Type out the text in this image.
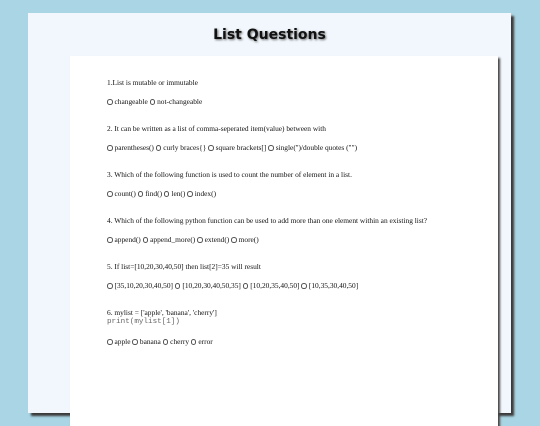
List Questions
1.List is mutable or immutable
changeable not-changeable
2. It can be written as a list of comma-seperated item(value) between with
parentheses() curly braces{} square brackets[] single('')/double quotes ("")
3. Which of the following function is used to count the number of element in a list.
count() find() len() index()
4. Which of the following python function can be used to add more than one element within an existing list?
append() append_more() extend() more()
5. If list=[10,20,30,40,50] then list[2]=35 will result
[35,10,20,30,40,50] [10,20,30,40,50,35] [10,20,35,40,50] [10,35,30,40,50]
6. mylist = ['apple', 'banana', 'cherry']
print(mylist[1])
apple banana cherry error
